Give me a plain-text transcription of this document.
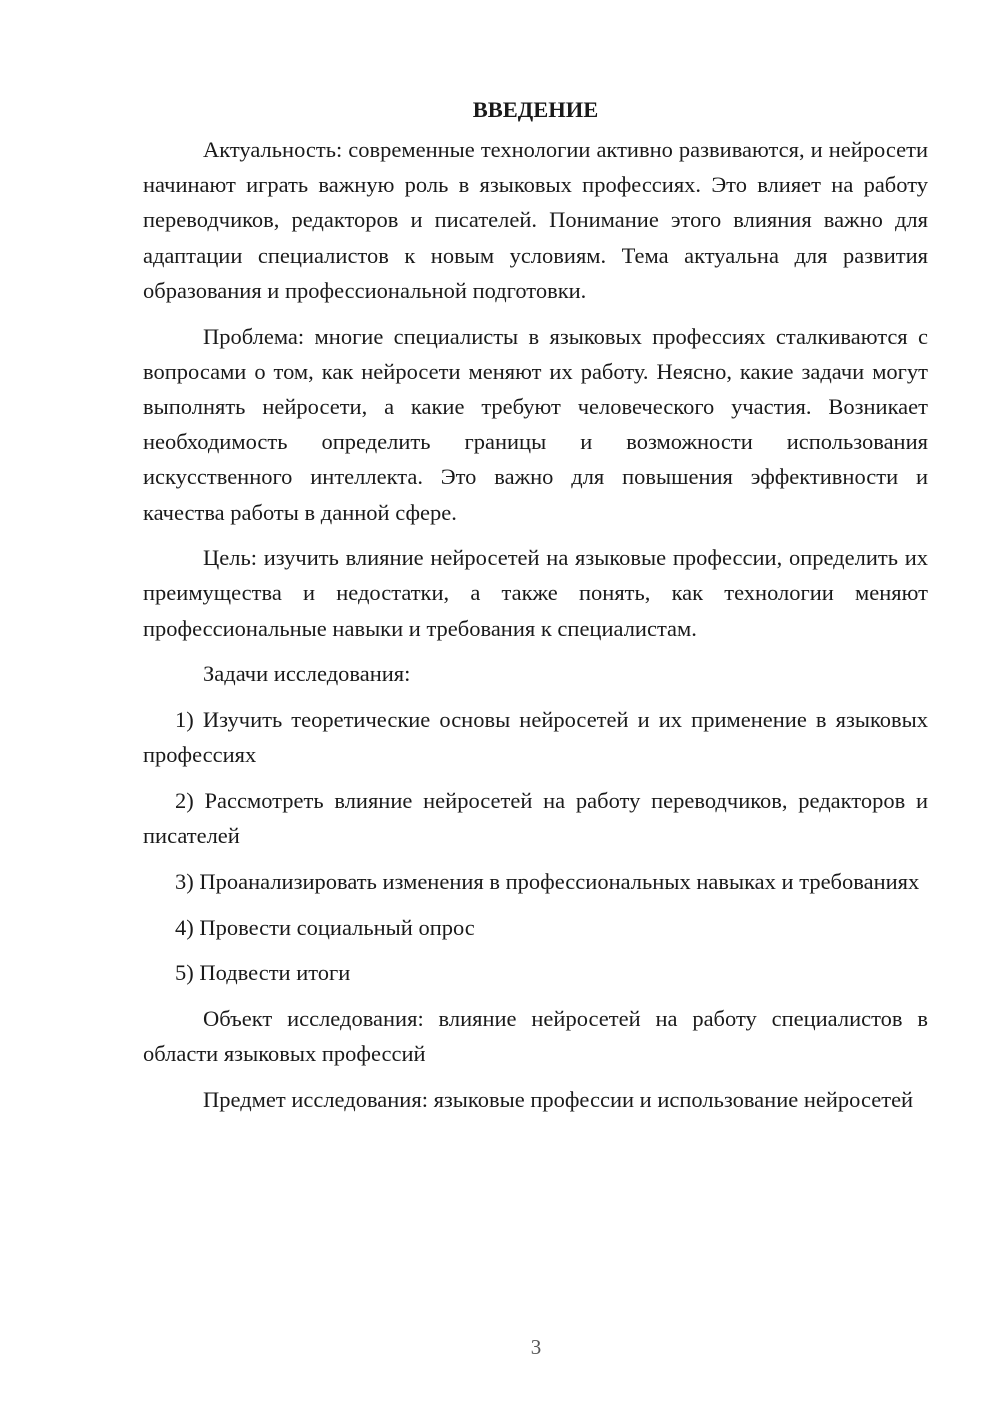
ВВЕДЕНИЕ

Актуальность: современные технологии активно развиваются, и нейросети начинают играть важную роль в языковых профессиях. Это влияет на работу переводчиков, редакторов и писателей. Понимание этого влияния важно для адаптации специалистов к новым условиям. Тема актуальна для развития образования и профессиональной подготовки.

Проблема: многие специалисты в языковых профессиях сталкиваются с вопросами о том, как нейросети меняют их работу. Неясно, какие задачи могут выполнять нейросети, а какие требуют человеческого участия. Возникает необходимость определить границы и возможности использования искусственного интеллекта. Это важно для повышения эффективности и качества работы в данной сфере.

Цель: изучить влияние нейросетей на языковые профессии, определить их преимущества и недостатки, а также понять, как технологии меняют профессиональные навыки и требования к специалистам.

Задачи исследования:

1) Изучить теоретические основы нейросетей и их применение в языковых профессиях

2) Рассмотреть влияние нейросетей на работу переводчиков, редакторов и писателей

3) Проанализировать изменения в профессиональных навыках и требованиях

4) Провести социальный опрос

5) Подвести итоги

Объект исследования: влияние нейросетей на работу специалистов в области языковых профессий

Предмет исследования: языковые профессии и использование нейросетей

3
